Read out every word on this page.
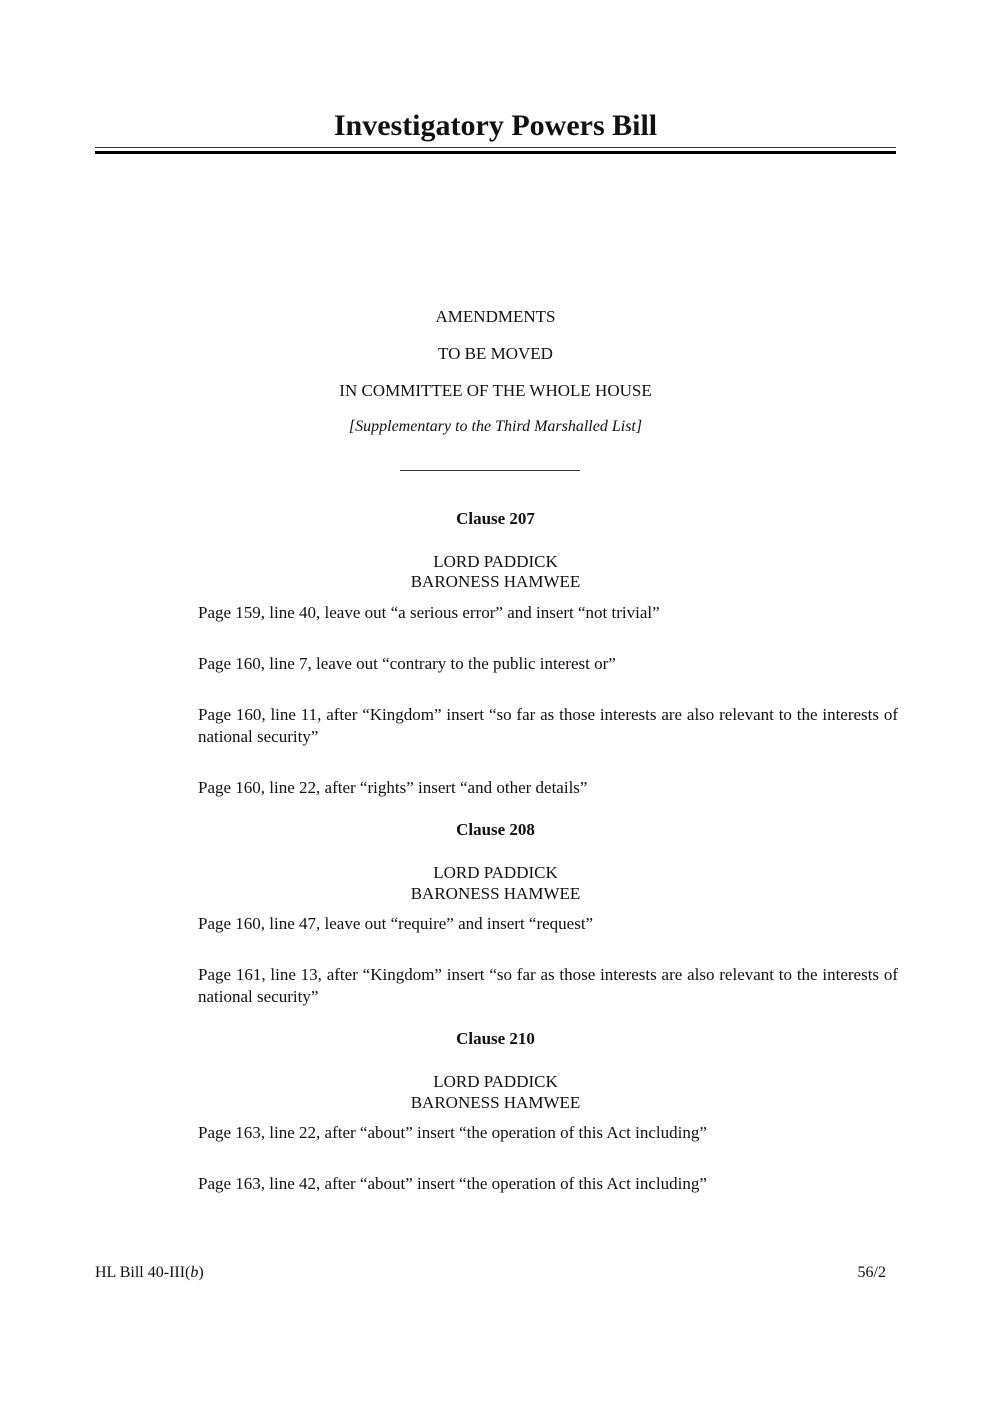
Investigatory Powers Bill
AMENDMENTS
TO BE MOVED
IN COMMITTEE OF THE WHOLE HOUSE
[Supplementary to the Third Marshalled List]
Clause 207
LORD PADDICK
BARONESS HAMWEE
Page 159, line 40, leave out “a serious error” and insert “not trivial”
Page 160, line 7, leave out “contrary to the public interest or”
Page 160, line 11, after “Kingdom” insert “so far as those interests are also relevant to the interests of national security”
Page 160, line 22, after “rights” insert “and other details”
Clause 208
LORD PADDICK
BARONESS HAMWEE
Page 160, line 47, leave out “require” and insert “request”
Page 161, line 13, after “Kingdom” insert “so far as those interests are also relevant to the interests of national security”
Clause 210
LORD PADDICK
BARONESS HAMWEE
Page 163, line 22, after “about” insert “the operation of this Act including”
Page 163, line 42, after “about” insert “the operation of this Act including”
HL Bill 40-III(b)	56/2
